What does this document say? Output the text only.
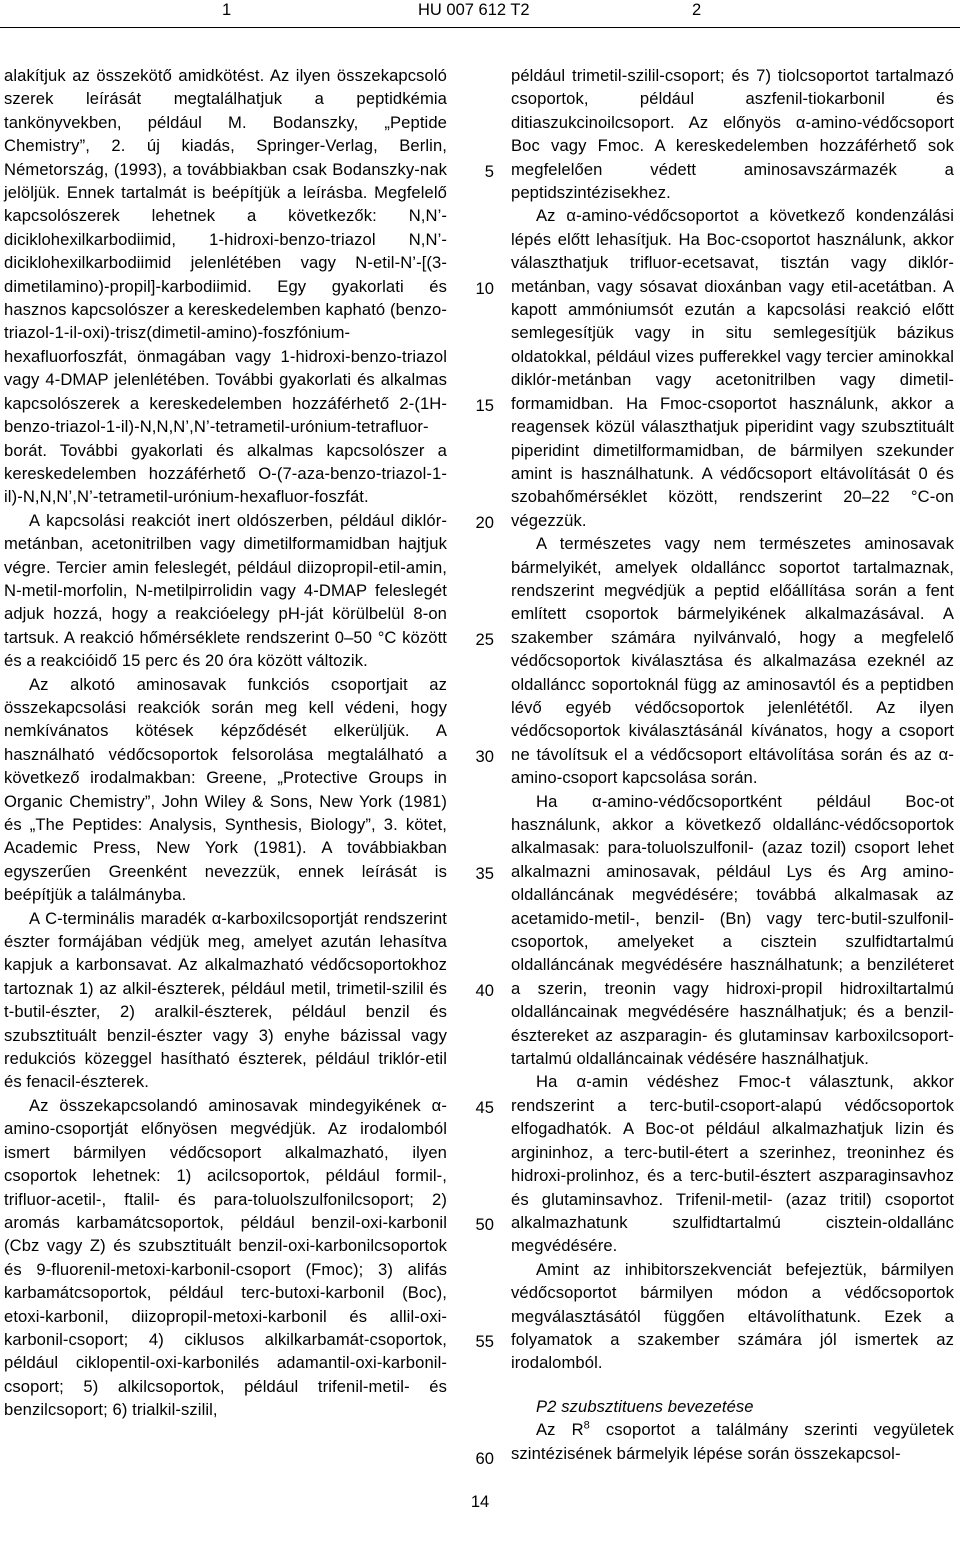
1	HU 007 612 T2	2

alakítjuk az összekötő amidkötést. Az ilyen összekapcsoló szerek leírását megtalálhatjuk a peptidkémia tankönyvekben, például M. Bodanszky, „Peptide Chemistry”, 2. új kiadás, Springer-Verlag, Berlin, Németország, (1993), a továbbiakban csak Bodanszky-nak jelöljük. Ennek tartalmát is beépítjük a leírásba. Megfelelő kapcsolószerek lehetnek a következők: N,N’-diciklohexilkarbodiimid, 1-hidroxi-benzo-triazol N,N’-diciklohexilkarbodiimid jelenlétében vagy N-etil-N’-[(3-dimetilamino)-propil]-karbodiimid. Egy gyakorlati és hasznos kapcsolószer a kereskedelemben kapható (benzo-triazol-1-il-oxi)-trisz(dimetil-amino)-foszfónium-hexafluorfoszfát, önmagában vagy 1-hidroxi-benzo-triazol vagy 4-DMAP jelenlétében. További gyakorlati és alkalmas kapcsolószerek a kereskedelemben hozzáférhető 2-(1H-benzo-triazol-1-il)-N,N,N’,N’-tetrametil-urónium-tetrafluor-borát. További gyakorlati és alkalmas kapcsolószer a kereskedelemben hozzáférhető O-(7-aza-benzo-triazol-1-il)-N,N,N’,N’-tetrametil-urónium-hexafluor-foszfát.

A kapcsolási reakciót inert oldószerben, például diklór-metánban, acetonitrilben vagy dimetilformamidban hajtjuk végre. Tercier amin feleslegét, például diizopropil-etil-amin, N-metil-morfolin, N-metilpirrolidin vagy 4-DMAP feleslegét adjuk hozzá, hogy a reakcióelegy pH-ját körülbelül 8-on tartsuk. A reakció hőmérséklete rendszerint 0–50 °C között és a reakcióidő 15 perc és 20 óra között változik.

Az alkotó aminosavak funkciós csoportjait az összekapcsolási reakciók során meg kell védeni, hogy nemkívánatos kötések képződését elkerüljük. A használható védőcsoportok felsorolása megtalálható a következő irodalmakban: Greene, „Protective Groups in Organic Chemistry”, John Wiley & Sons, New York (1981) és „The Peptides: Analysis, Synthesis, Biology”, 3. kötet, Academic Press, New York (1981). A továbbiakban egyszerűen Greenként nevezzük, ennek leírását is beépítjük a találmányba.

A C-terminális maradék α-karboxilcsoportját rendszerint észter formájában védjük meg, amelyet azután lehasítva kapjuk a karbonsavat. Az alkalmazható védőcsoportokhoz tartoznak 1) az alkil-észterek, például metil, trimetil-szilil és t-butil-észter, 2) aralkil-észterek, például benzil és szubsztituált benzil-észter vagy 3) enyhe bázissal vagy redukciós közeggel hasítható észterek, például triklór-etil és fenacil-észterek.

Az összekapcsolandó aminosavak mindegyikének α-amino-csoportját előnyösen megvédjük. Az irodalomból ismert bármilyen védőcsoport alkalmazható, ilyen csoportok lehetnek: 1) acilcsoportok, például formil-, trifluor-acetil-, ftalil- és para-toluolszulfonilcsoport; 2) aromás karbamátcsoportok, például benzil-oxi-karbonil (Cbz vagy Z) és szubsztituált benzil-oxi-karbonilcsoportok és 9-fluorenil-metoxi-karbonil-csoport (Fmoc); 3) alifás karbamátcsoportok, például terc-butoxi-karbonil (Boc), etoxi-karbonil, diizopropil-metoxi-karbonil és allil-oxi-karbonil-csoport; 4) ciklusos alkilkarbamát-csoportok, például ciklopentil-oxi-karbonilés adamantil-oxi-karbonil-csoport; 5) alkilcsoportok, például trifenil-metil- és benzilcsoport; 6) trialkil-szilil,

5
10
15
20
25
30
35
40
45
50
55
60

például trimetil-szilil-csoport; és 7) tiolcsoportot tartalmazó csoportok, például aszfenil-tiokarbonil és ditiaszukcinoilcsoport. Az előnyös α-amino-védőcsoport Boc vagy Fmoc. A kereskedelemben hozzáférhető sok megfelelően védett aminosavszármazék a peptidszintézisekhez.

Az α-amino-védőcsoportot a következő kondenzálási lépés előtt lehasítjuk. Ha Boc-csoportot használunk, akkor választhatjuk trifluor-ecetsavat, tisztán vagy diklór-metánban, vagy sósavat dioxánban vagy etil-acetátban. A kapott ammóniumsót ezután a kapcsolási reakció előtt semlegesítjük vagy in situ semlegesítjük bázikus oldatokkal, például vizes pufferekkel vagy tercier aminokkal diklór-metánban vagy acetonitrilben vagy dimetil-formamidban. Ha Fmoc-csoportot használunk, akkor a reagensek közül választhatjuk piperidint vagy szubsztituált piperidint dimetilformamidban, de bármilyen szekunder amint is használhatunk. A védőcsoport eltávolítását 0 és szobahőmérséklet között, rendszerint 20–22 °C-on végezzük.

A természetes vagy nem természetes aminosavak bármelyikét, amelyek oldalláncc soportot tartalmaznak, rendszerint megvédjük a peptid előállítása során a fent említett csoportok bármelyikének alkalmazásával. A szakember számára nyilvánvaló, hogy a megfelelő védőcsoportok kiválasztása és alkalmazása ezeknél az oldalláncc soportoknál függ az aminosavtól és a peptidben lévő egyéb védőcsoportok jelenlététől. Az ilyen védőcsoportok kiválasztásánál kívánatos, hogy a csoport ne távolítsuk el a védőcsoport eltávolítása során és az α-amino-csoport kapcsolása során.

Ha α-amino-védőcsoportként például Boc-ot használunk, akkor a következő oldallánc-védőcsoportok alkalmasak: para-toluolszulfonil- (azaz tozil) csoport lehet alkalmazni aminosavak, például Lys és Arg amino-oldalláncának megvédésére; továbbá alkalmasak az acetamido-metil-, benzil- (Bn) vagy terc-butil-szulfonil-csoportok, amelyeket a cisztein szulfidtartalmú oldalláncának megvédésére használhatunk; a benziléteret a szerin, treonin vagy hidroxi-propil hidroxiltartalmú oldalláncainak megvédésére használhatjuk; és a benzil-észtereket az aszparagin- és glutaminsav karboxilcsoport-tartalmú oldalláncainak védésére használhatjuk.

Ha α-amin védéshez Fmoc-t választunk, akkor rendszerint a terc-butil-csoport-alapú védőcsoportok elfogadhatók. A Boc-ot például alkalmazhatjuk lizin és argininhoz, a terc-butil-étert a szerinhez, treoninhez és hidroxi-prolinhoz, és a terc-butil-észtert aszparaginsavhoz és glutaminsavhoz. Trifenil-metil- (azaz tritil) csoportot alkalmazhatunk szulfidtartalmú cisztein-oldallánc megvédésére.

Amint az inhibitorszekvenciát befejeztük, bármilyen védőcsoportot bármilyen módon a védőcsoportok megválasztásától függően eltávolíthatunk. Ezek a folyamatok a szakember számára jól ismertek az irodalomból.

P2 szubsztituens bevezetése

Az $R^8$ csoportot a találmány szerinti vegyületek szintézisének bármelyik lépése során összekapcsol-

14
